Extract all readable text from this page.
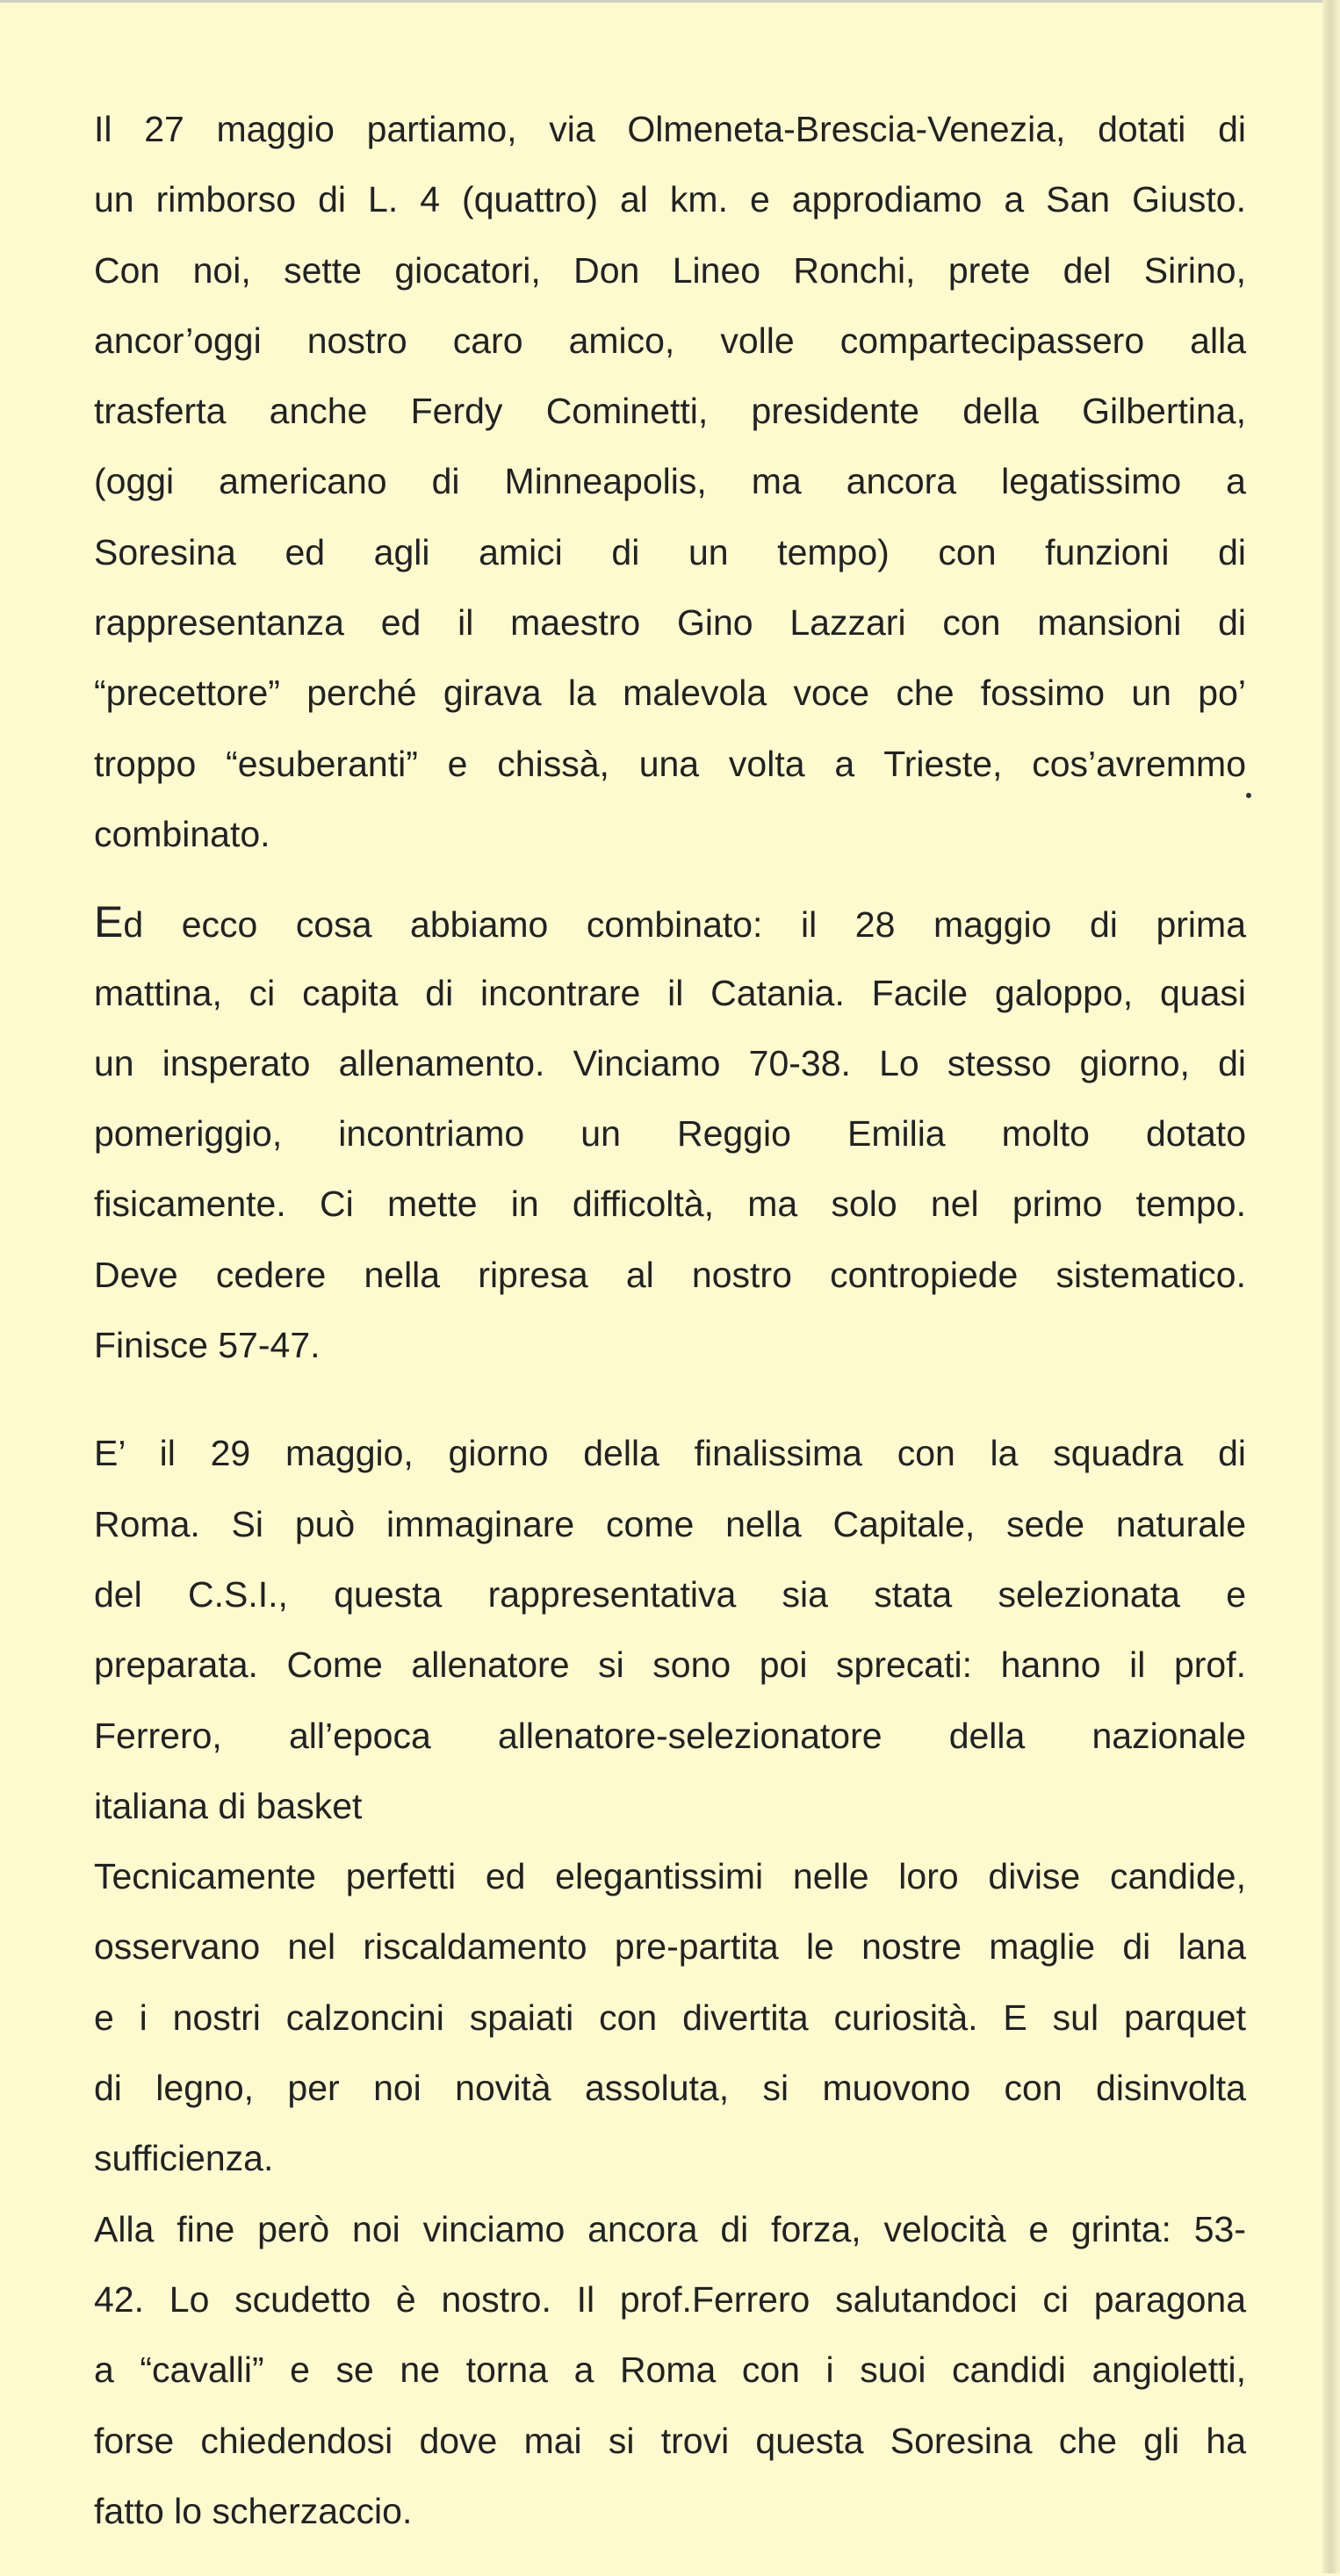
Il 27 maggio partiamo, via Olmeneta-Brescia-Venezia, dotati di
un rimborso di L. 4 (quattro) al km. e approdiamo a San Giusto.
Con noi, sette giocatori, Don Lineo Ronchi, prete del Sirino,
ancor’oggi nostro caro amico, volle compartecipassero alla
trasferta anche Ferdy Cominetti, presidente della Gilbertina,
(oggi americano di Minneapolis, ma ancora legatissimo a
Soresina ed agli amici di un tempo) con funzioni di
rappresentanza ed il maestro Gino Lazzari con mansioni di
“precettore” perché girava la malevola voce che fossimo un po’
troppo “esuberanti” e chissà, una volta a Trieste, cos’avremmo
combinato.
Ed ecco cosa abbiamo combinato: il 28 maggio di prima
mattina, ci capita di incontrare il Catania. Facile galoppo, quasi
un insperato allenamento. Vinciamo 70-38. Lo stesso giorno, di
pomeriggio, incontriamo un Reggio Emilia molto dotato
fisicamente. Ci mette in difficoltà, ma solo nel primo tempo.
Deve cedere nella ripresa al nostro contropiede sistematico.
Finisce 57-47.
E’ il 29 maggio, giorno della finalissima con la squadra di
Roma. Si può immaginare come nella Capitale, sede naturale
del C.S.I., questa rappresentativa sia stata selezionata e
preparata. Come allenatore si sono poi sprecati: hanno il prof.
Ferrero, all’epoca allenatore-selezionatore della nazionale
italiana di basket
Tecnicamente perfetti ed elegantissimi nelle loro divise candide,
osservano nel riscaldamento pre-partita le nostre maglie di lana
e i nostri calzoncini spaiati con divertita curiosità. E sul parquet
di legno, per noi novità assoluta, si muovono con disinvolta
sufficienza.
Alla fine però noi vinciamo ancora di forza, velocità e grinta: 53-
42. Lo scudetto è nostro. Il prof.Ferrero salutandoci ci paragona
a “cavalli” e se ne torna a Roma con i suoi candidi angioletti,
forse chiedendosi dove mai si trovi questa Soresina che gli ha
fatto lo scherzaccio.
